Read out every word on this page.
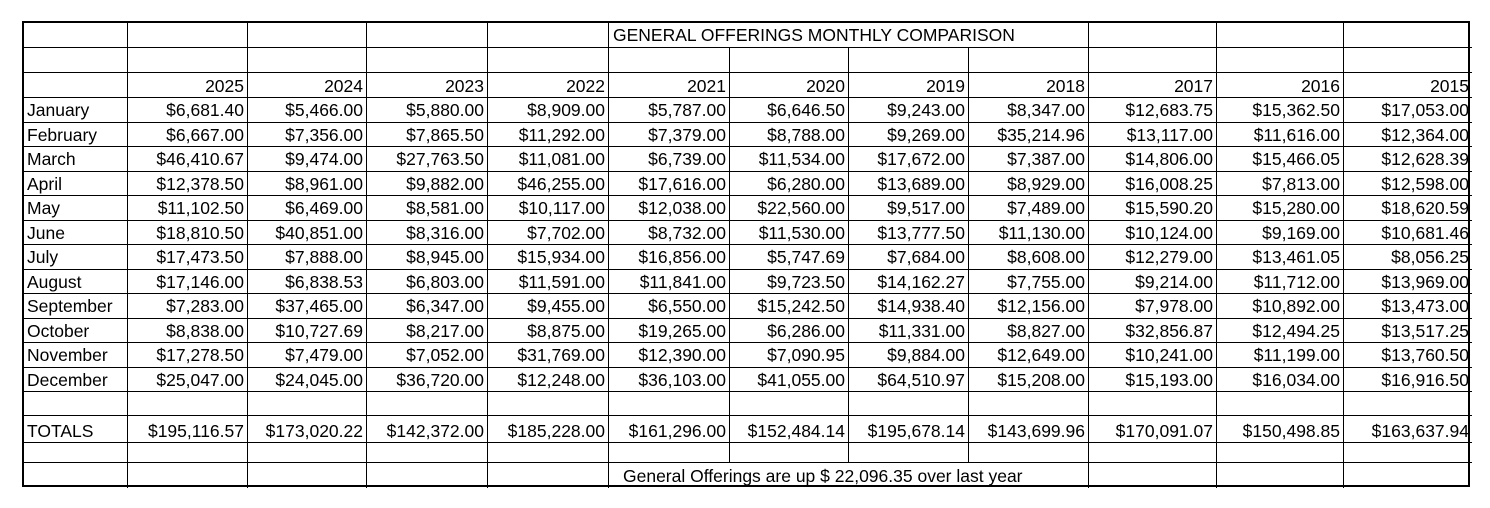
GENERAL OFFERINGS MONTHLY COMPARISON
2025	2024	2023	2022	2021	2020	2019	2018	2017	2016	2015
January	$6,681.40	$5,466.00	$5,880.00	$8,909.00	$5,787.00	$6,646.50	$9,243.00	$8,347.00	$12,683.75	$15,362.50	$17,053.00
February	$6,667.00	$7,356.00	$7,865.50	$11,292.00	$7,379.00	$8,788.00	$9,269.00	$35,214.96	$13,117.00	$11,616.00	$12,364.00
March	$46,410.67	$9,474.00	$27,763.50	$11,081.00	$6,739.00	$11,534.00	$17,672.00	$7,387.00	$14,806.00	$15,466.05	$12,628.39
April	$12,378.50	$8,961.00	$9,882.00	$46,255.00	$17,616.00	$6,280.00	$13,689.00	$8,929.00	$16,008.25	$7,813.00	$12,598.00
May	$11,102.50	$6,469.00	$8,581.00	$10,117.00	$12,038.00	$22,560.00	$9,517.00	$7,489.00	$15,590.20	$15,280.00	$18,620.59
June	$18,810.50	$40,851.00	$8,316.00	$7,702.00	$8,732.00	$11,530.00	$13,777.50	$11,130.00	$10,124.00	$9,169.00	$10,681.46
July	$17,473.50	$7,888.00	$8,945.00	$15,934.00	$16,856.00	$5,747.69	$7,684.00	$8,608.00	$12,279.00	$13,461.05	$8,056.25
August	$17,146.00	$6,838.53	$6,803.00	$11,591.00	$11,841.00	$9,723.50	$14,162.27	$7,755.00	$9,214.00	$11,712.00	$13,969.00
September	$7,283.00	$37,465.00	$6,347.00	$9,455.00	$6,550.00	$15,242.50	$14,938.40	$12,156.00	$7,978.00	$10,892.00	$13,473.00
October	$8,838.00	$10,727.69	$8,217.00	$8,875.00	$19,265.00	$6,286.00	$11,331.00	$8,827.00	$32,856.87	$12,494.25	$13,517.25
November	$17,278.50	$7,479.00	$7,052.00	$31,769.00	$12,390.00	$7,090.95	$9,884.00	$12,649.00	$10,241.00	$11,199.00	$13,760.50
December	$25,047.00	$24,045.00	$36,720.00	$12,248.00	$36,103.00	$41,055.00	$64,510.97	$15,208.00	$15,193.00	$16,034.00	$16,916.50
TOTALS	$195,116.57	$173,020.22	$142,372.00	$185,228.00	$161,296.00	$152,484.14	$195,678.14	$143,699.96	$170,091.07	$150,498.85	$163,637.94
General Offerings are up $ 22,096.35 over last year
